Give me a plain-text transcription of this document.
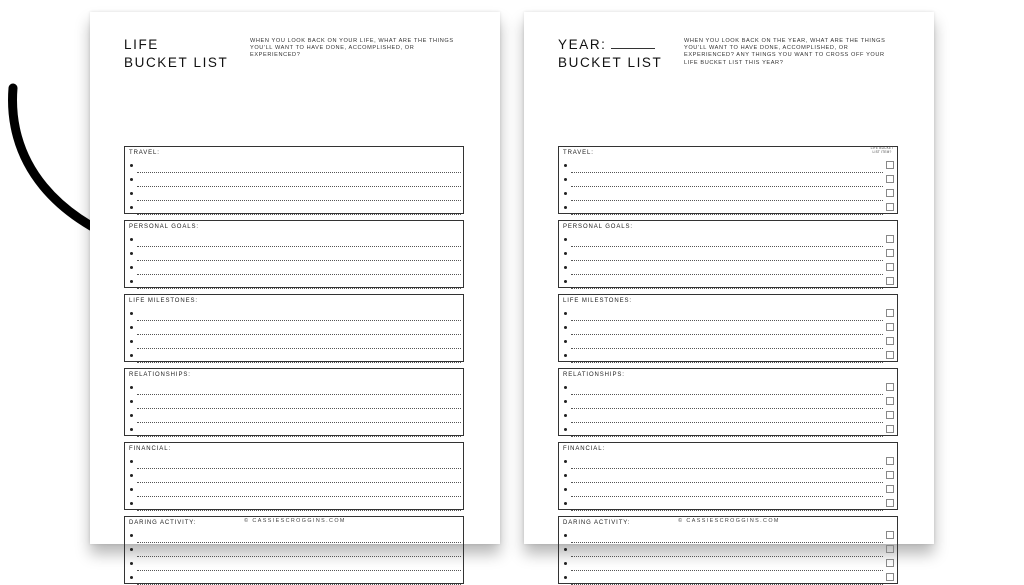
LIFE
BUCKET LIST
WHEN YOU LOOK BACK ON YOUR LIFE, WHAT ARE THE THINGS YOU'LL WANT TO HAVE DONE, ACCOMPLISHED, OR EXPERIENCED?
TRAVEL:
PERSONAL GOALS:
LIFE MILESTONES:
RELATIONSHIPS:
FINANCIAL:
DARING ACTIVITY:	© CASSIESCROGGINS.COM
YEAR:
BUCKET LIST
WHEN YOU LOOK BACK ON THE YEAR, WHAT ARE THE THINGS YOU'LL WANT TO HAVE DONE, ACCOMPLISHED, OR EXPERIENCED? ANY THINGS YOU WANT TO CROSS OFF YOUR LIFE BUCKET LIST THIS YEAR?
TRAVEL:
LIFE BUCKET LIST ITEM?
PERSONAL GOALS:
LIFE MILESTONES:
RELATIONSHIPS:
FINANCIAL:
DARING ACTIVITY:	© CASSIESCROGGINS.COM
